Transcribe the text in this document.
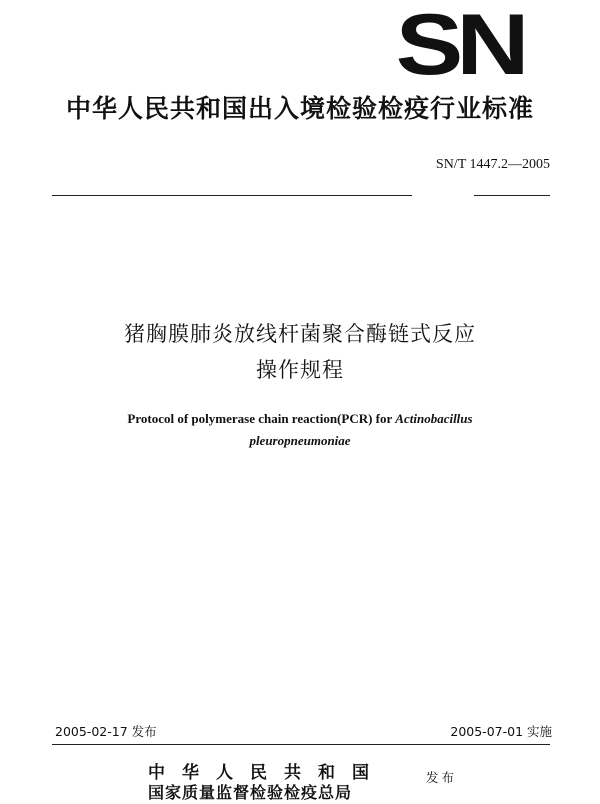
SN
中华人民共和国出入境检验检疫行业标准
SN/T 1447.2—2005
猪胸膜肺炎放线杆菌聚合酶链式反应
操作规程
Protocol of polymerase chain reaction(PCR) for Actinobacillus
pleuropneumoniae
2005-02-17 发布	2005-07-01 实施
中华人民共和国
国家质量监督检验检疫总局
发布
